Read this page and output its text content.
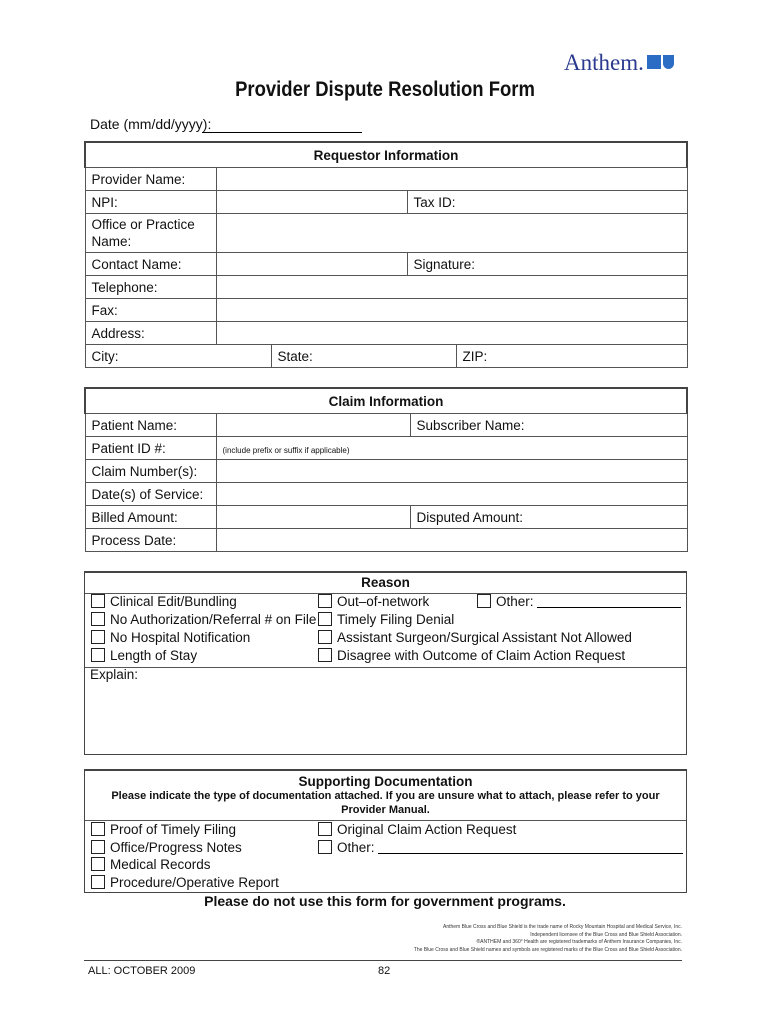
Anthem.
Provider Dispute Resolution Form
Date (mm/dd/yyyy):
Requestor Information				
Provider Name:				
NPI:			Tax ID:	
Office or Practice Name:				
Contact Name:			Signature:	
Telephone:				
Fax:				
Address:				
City:		State:		ZIP:
Claim Information		
Patient Name:		Subscriber Name:
Patient ID #:	(include prefix or suffix if applicable)	
Claim Number(s):		
Date(s) of Service:		
Billed Amount:		Disputed Amount:
Process Date:		
Reason
Clinical Edit/Bundling
No Authorization/Referral # on File
No Hospital Notification
Length of Stay
Out–of-network
Timely Filing Denial
Assistant Surgeon/Surgical Assistant Not Allowed
Disagree with Outcome of Claim Action Request
Other:
Explain:
Supporting Documentation
Please indicate the type of documentation attached. If you are unsure what to attach, please refer to your Provider Manual.
Proof of Timely Filing
Office/Progress Notes
Medical Records
Procedure/Operative Report
Original Claim Action Request
Other:
Please do not use this form for government programs.
Anthem Blue Cross and Blue Shield is the trade name of Rocky Mountain Hospital and Medical Service, Inc.
Independent licensee of the Blue Cross and Blue Shield Association.
®ANTHEM and 360° Health are registered trademarks of Anthem Insurance Companies, Inc.
The Blue Cross and Blue Shield names and symbols are registered marks of the Blue Cross and Blue Shield Association.
ALL: OCTOBER 2009	82
